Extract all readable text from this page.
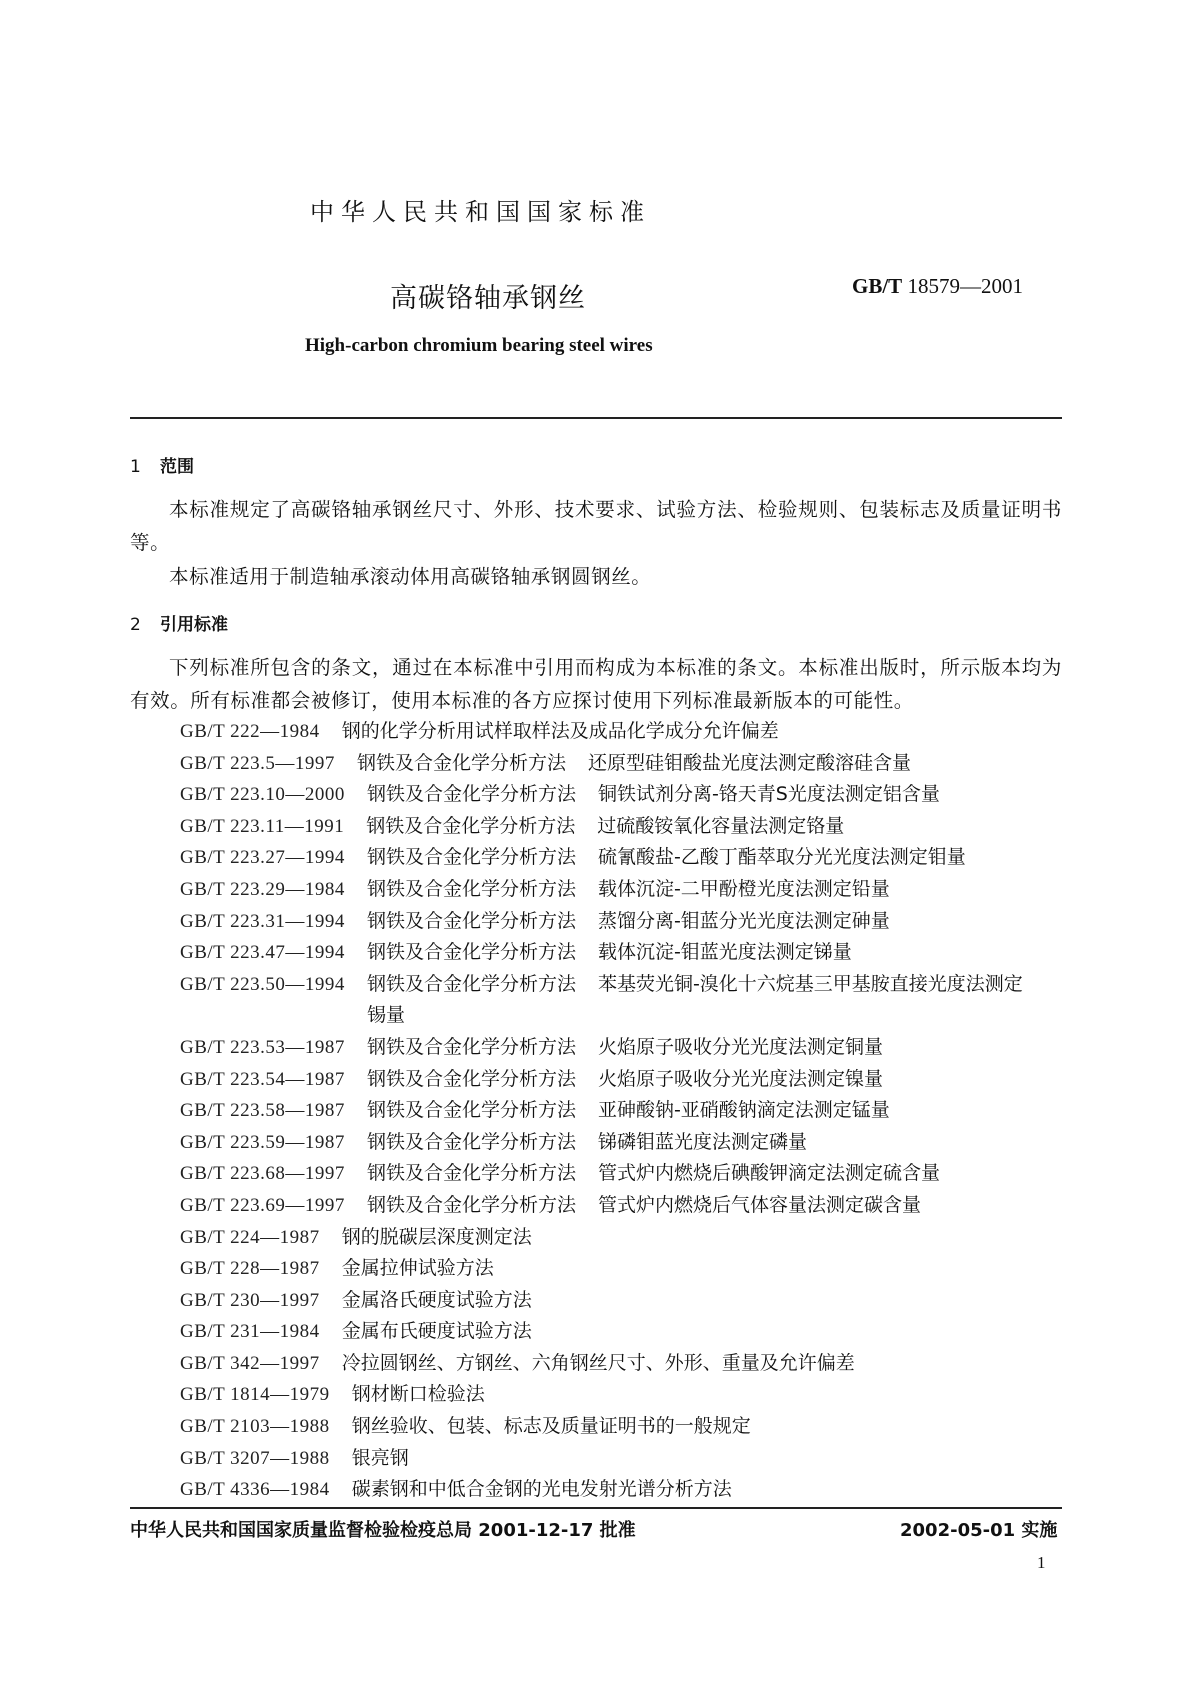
中华人民共和国国家标准
高碳铬轴承钢丝	GB/T 18579—2001
High-carbon chromium bearing steel wires
1 范围
本标准规定了高碳铬轴承钢丝尺寸、外形、技术要求、试验方法、检验规则、包装标志及质量证明书等。
本标准适用于制造轴承滚动体用高碳铬轴承钢圆钢丝。
2 引用标准
下列标准所包含的条文，通过在本标准中引用而构成为本标准的条文。本标准出版时，所示版本均为有效。所有标准都会被修订，使用本标准的各方应探讨使用下列标准最新版本的可能性。
GB/T 222—1984 钢的化学分析用试样取样法及成品化学成分允许偏差
GB/T 223.5—1997 钢铁及合金化学分析方法 还原型硅钼酸盐光度法测定酸溶硅含量
GB/T 223.10—2000 钢铁及合金化学分析方法 铜铁试剂分离-铬天青S光度法测定铝含量
GB/T 223.11—1991 钢铁及合金化学分析方法 过硫酸铵氧化容量法测定铬量
GB/T 223.27—1994 钢铁及合金化学分析方法 硫氰酸盐-乙酸丁酯萃取分光光度法测定钼量
GB/T 223.29—1984 钢铁及合金化学分析方法 载体沉淀-二甲酚橙光度法测定铅量
GB/T 223.31—1994 钢铁及合金化学分析方法 蒸馏分离-钼蓝分光光度法测定砷量
GB/T 223.47—1994 钢铁及合金化学分析方法 载体沉淀-钼蓝光度法测定锑量
GB/T 223.50—1994 钢铁及合金化学分析方法 苯基荧光铜-溴化十六烷基三甲基胺直接光度法测定锡量
GB/T 223.53—1987 钢铁及合金化学分析方法 火焰原子吸收分光光度法测定铜量
GB/T 223.54—1987 钢铁及合金化学分析方法 火焰原子吸收分光光度法测定镍量
GB/T 223.58—1987 钢铁及合金化学分析方法 亚砷酸钠-亚硝酸钠滴定法测定锰量
GB/T 223.59—1987 钢铁及合金化学分析方法 锑磷钼蓝光度法测定磷量
GB/T 223.68—1997 钢铁及合金化学分析方法 管式炉内燃烧后碘酸钾滴定法测定硫含量
GB/T 223.69—1997 钢铁及合金化学分析方法 管式炉内燃烧后气体容量法测定碳含量
GB/T 224—1987 钢的脱碳层深度测定法
GB/T 228—1987 金属拉伸试验方法
GB/T 230—1997 金属洛氏硬度试验方法
GB/T 231—1984 金属布氏硬度试验方法
GB/T 342—1997 冷拉圆钢丝、方钢丝、六角钢丝尺寸、外形、重量及允许偏差
GB/T 1814—1979 钢材断口检验法
GB/T 2103—1988 钢丝验收、包装、标志及质量证明书的一般规定
GB/T 3207—1988 银亮钢
GB/T 4336—1984 碳素钢和中低合金钢的光电发射光谱分析方法
中华人民共和国国家质量监督检验检疫总局 2001-12-17 批准	2002-05-01 实施
1
